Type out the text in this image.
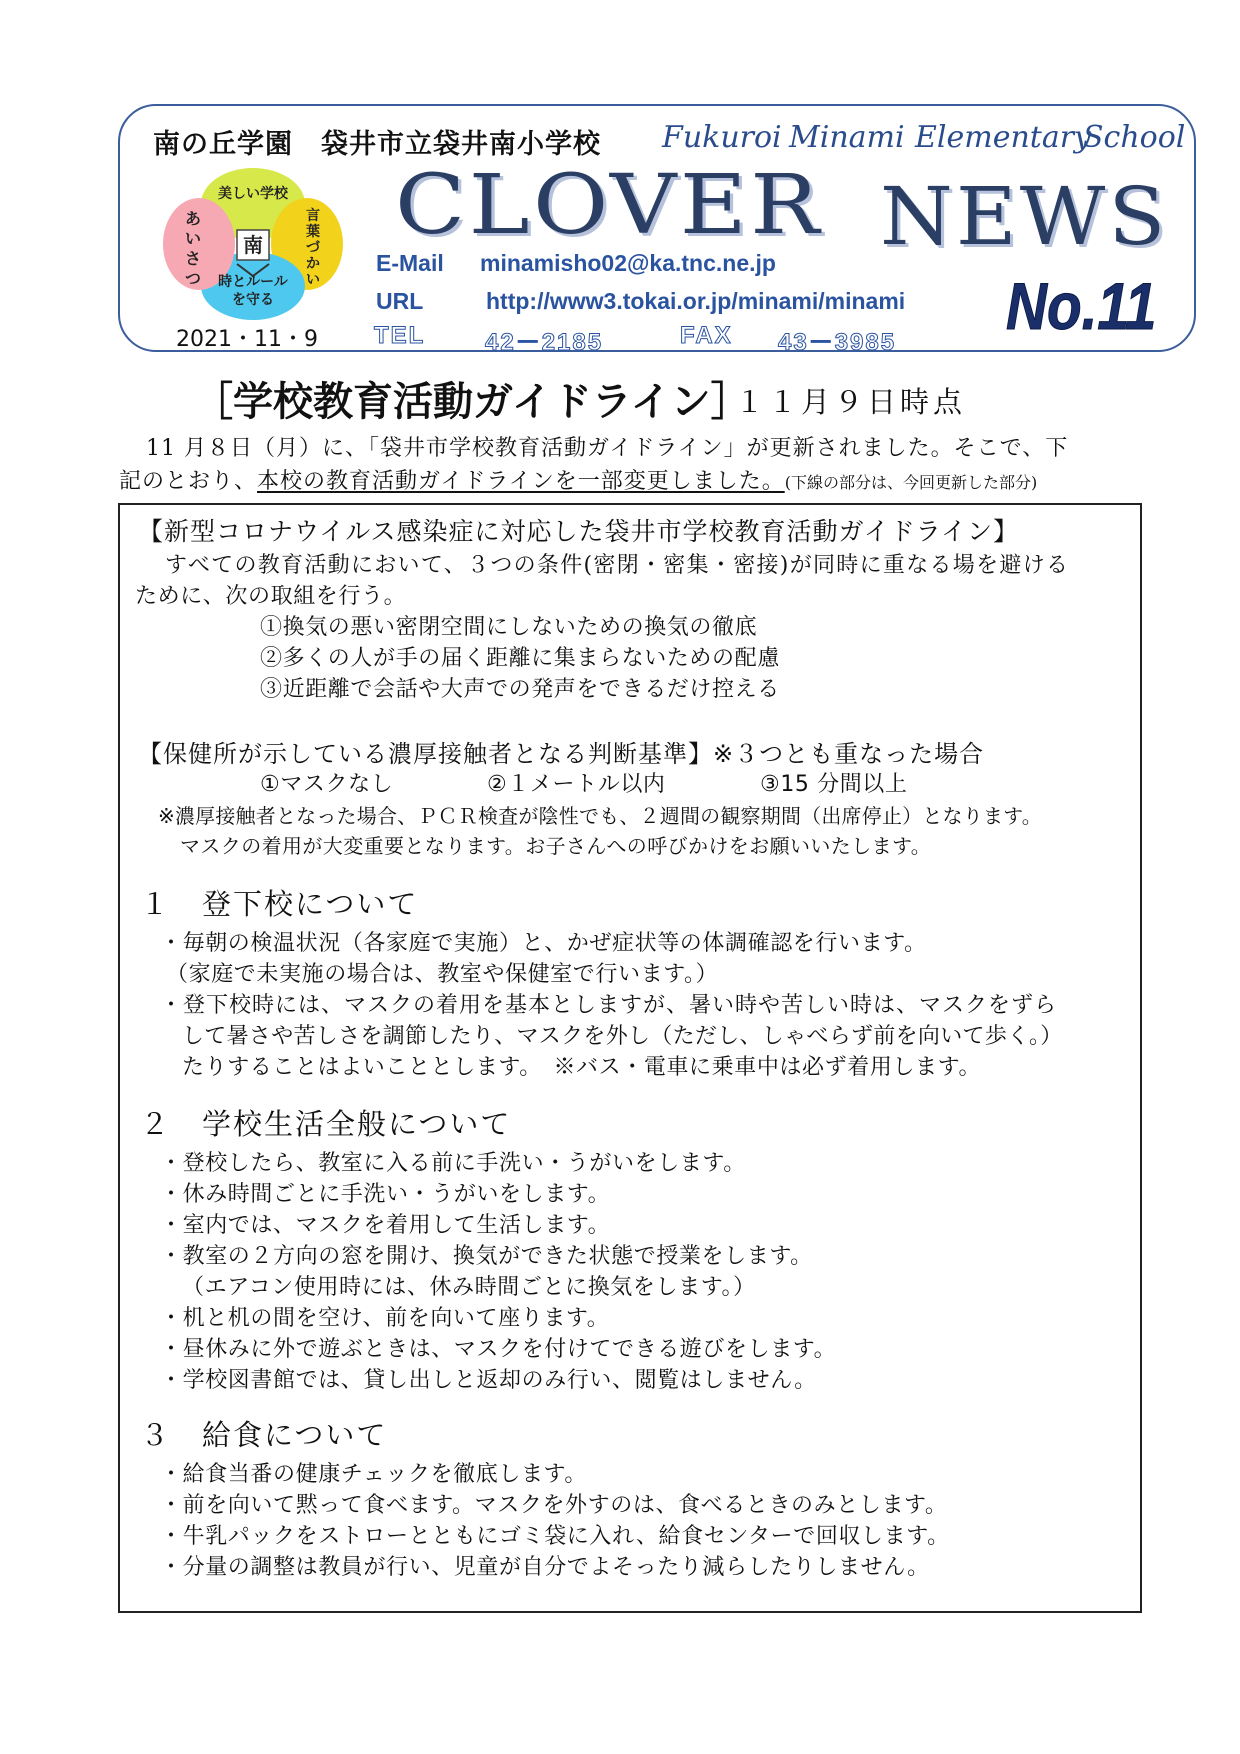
南の丘学園　袋井市立袋井南小学校 Fukuroi Minami Elementary
School
CLOVER NEWS
南
美しい学校
時とルール
を守る
言
葉
づ
か
い
あ
い
さ
つ
E-Mail minamisho02@ka.tnc.ne.jp
URL	http://www3.tokai.or.jp/minami/minami
TEL 42－2185	FAX 43－3985 No.11
2021・11・9
［学校教育活動ガイドライン］
１１月９日時点
11 月８日（月）に、「袋井市学校教育活動ガイドライン」が更新されました。そこで、下
記のとおり、本校の教育活動ガイドラインを一部変更しました。(下線の部分は、今回更新した部分)
【新型コロナウイルス感染症に対応した袋井市学校教育活動ガイドライン】
すべての教育活動において、３つの条件(密閉・密集・密接)が同時に重なる場を避ける
ために、次の取組を行う。
①換気の悪い密閉空間にしないための換気の徹底
②多くの人が手の届く距離に集まらないための配慮
③近距離で会話や大声での発声をできるだけ控える
【保健所が示している濃厚接触者となる判断基準】※３つとも重なった場合
①マスクなし	②１メートル以内	③15 分間以上
※濃厚接触者となった場合、ＰＣＲ検査が陰性でも、２週間の観察期間（出席停止）となります。
マスクの着用が大変重要となります。お子さんへの呼びかけをお願いいたします。
１　登下校について
・毎朝の検温状況（各家庭で実施）と、かぜ症状等の体調確認を行います。
（家庭で未実施の場合は、教室や保健室で行います。）
・登下校時には、マスクの着用を基本としますが、暑い時や苦しい時は、マスクをずら
して暑さや苦しさを調節したり、マスクを外し（ただし、しゃべらず前を向いて歩く。）
たりすることはよいこととします。　※バス・電車に乗車中は必ず着用します。
２　学校生活全般について
・登校したら、教室に入る前に手洗い・うがいをします。
・休み時間ごとに手洗い・うがいをします。
・室内では、マスクを着用して生活します。
・教室の２方向の窓を開け、換気ができた状態で授業をします。
（エアコン使用時には、休み時間ごとに換気をします。）
・机と机の間を空け、前を向いて座ります。
・昼休みに外で遊ぶときは、マスクを付けてできる遊びをします。
・学校図書館では、貸し出しと返却のみ行い、閲覧はしません。
３　給食について
・給食当番の健康チェックを徹底します。
・前を向いて黙って食べます。マスクを外すのは、食べるときのみとします。
・牛乳パックをストローとともにゴミ袋に入れ、給食センターで回収します。
・分量の調整は教員が行い、児童が自分でよそったり減らしたりしません。
